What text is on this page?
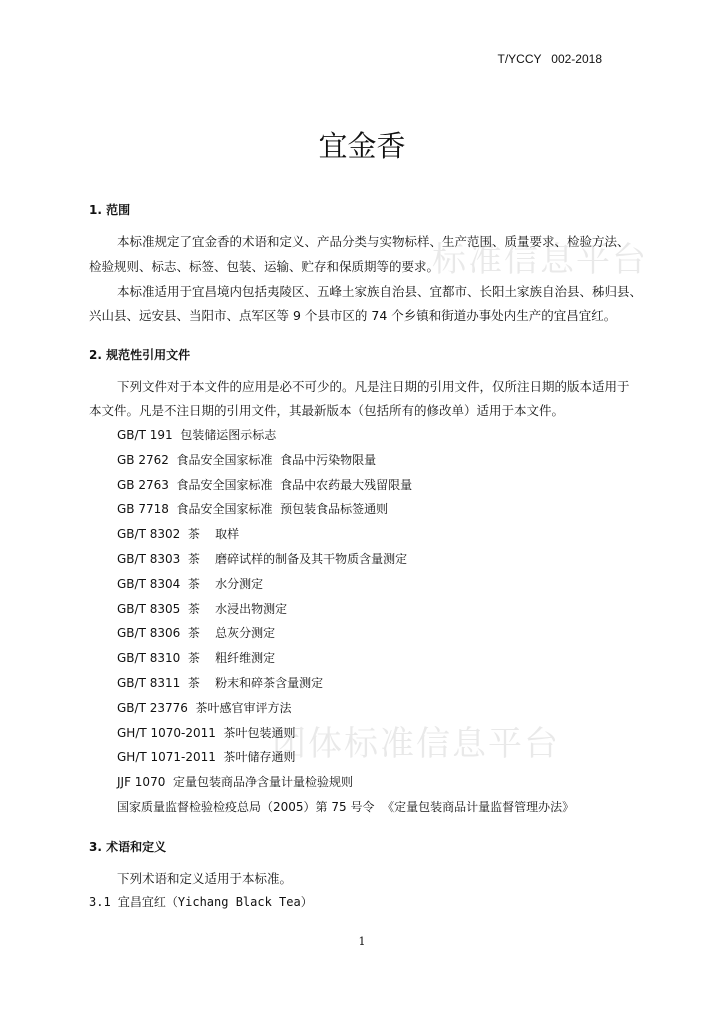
标准信息平台
团体标准信息平台
T/YCCY   002-2018
宜金香
1. 范围
本标准规定了宜金香的术语和定义、产品分类与实物标样、生产范围、质量要求、检验方法、
检验规则、标志、标签、包装、运输、贮存和保质期等的要求。
本标准适用于宜昌境内包括夷陵区、五峰土家族自治县、宜都市、长阳土家族自治县、秭归县、
兴山县、远安县、当阳市、点军区等 9 个县市区的 74 个乡镇和街道办事处内生产的宜昌宜红。
2. 规范性引用文件
下列文件对于本文件的应用是必不可少的。凡是注日期的引用文件，仅所注日期的版本适用于
本文件。凡是不注日期的引用文件，其最新版本（包括所有的修改单）适用于本文件。
GB/T 191  包装储运图示标志
GB 2762  食品安全国家标准  食品中污染物限量
GB 2763  食品安全国家标准  食品中农药最大残留限量
GB 7718  食品安全国家标准  预包装食品标签通则
GB/T 8302  茶    取样
GB/T 8303  茶    磨碎试样的制备及其干物质含量测定
GB/T 8304  茶    水分测定
GB/T 8305  茶    水浸出物测定
GB/T 8306  茶    总灰分测定
GB/T 8310  茶    粗纤维测定
GB/T 8311  茶    粉末和碎茶含量测定
GB/T 23776  茶叶感官审评方法
GH/T 1070-2011  茶叶包装通则
GH/T 1071-2011  茶叶储存通则
JJF 1070  定量包装商品净含量计量检验规则
国家质量监督检验检疫总局（2005）第 75 号令  《定量包装商品计量监督管理办法》
3. 术语和定义
下列术语和定义适用于本标准。
3.1 宜昌宜红（Yichang Black Tea）
1
